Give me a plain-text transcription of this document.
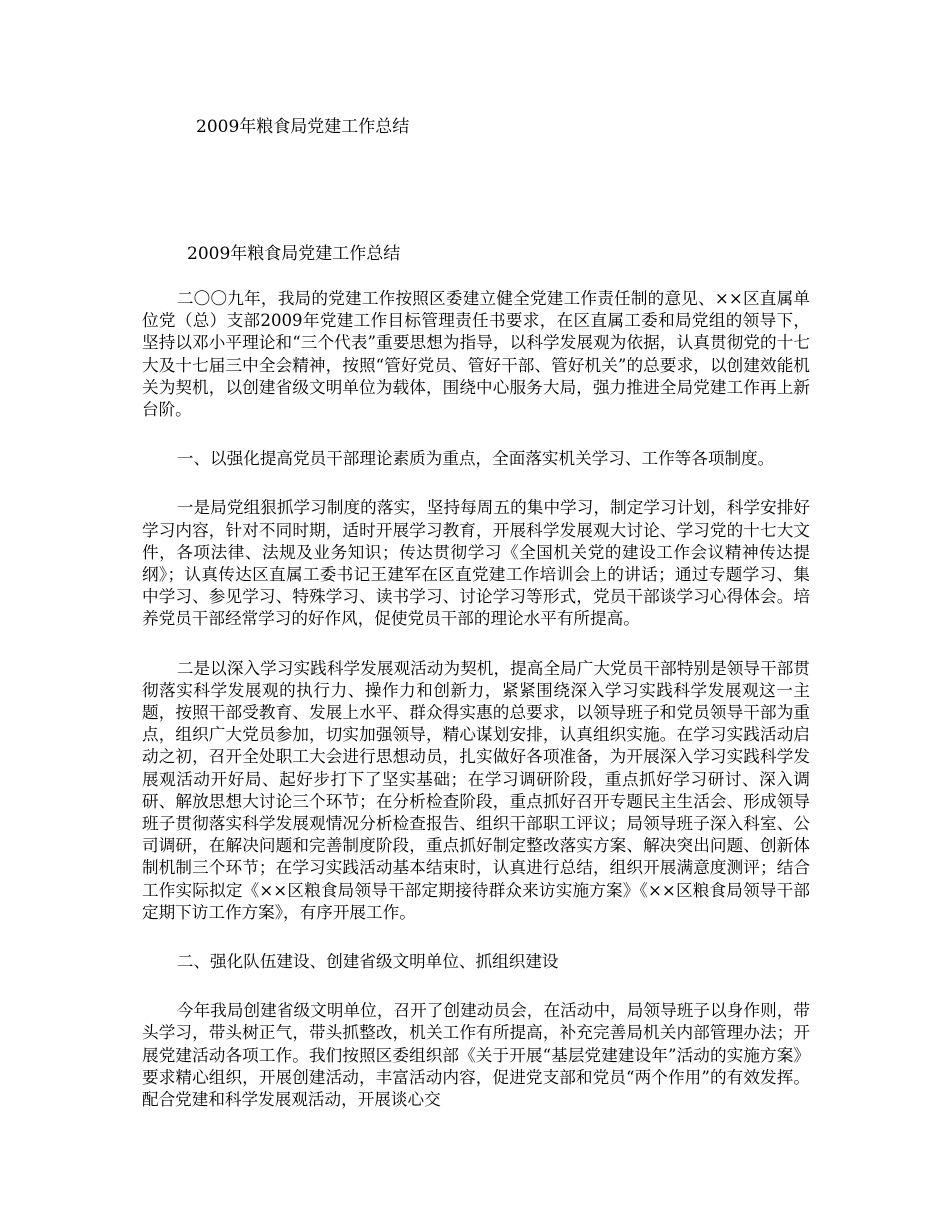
2009年粮食局党建工作总结
2009年粮食局党建工作总结

二〇〇九年，我局的党建工作按照区委建立健全党建工作责任制的意见、××区直属单位党（总）支部2009年党建工作目标管理责任书要求，在区直属工委和局党组的领导下，坚持以邓小平理论和“三个代表”重要思想为指导，以科学发展观为依据，认真贯彻党的十七大及十七届三中全会精神，按照“管好党员、管好干部、管好机关”的总要求，以创建效能机关为契机，以创建省级文明单位为载体，围绕中心服务大局，强力推进全局党建工作再上新台阶。

一、以强化提高党员干部理论素质为重点，全面落实机关学习、工作等各项制度。

一是局党组狠抓学习制度的落实，坚持每周五的集中学习，制定学习计划，科学安排好学习内容，针对不同时期，适时开展学习教育，开展科学发展观大讨论、学习党的十七大文件，各项法律、法规及业务知识；传达贯彻学习《全国机关党的建设工作会议精神传达提纲》；认真传达区直属工委书记王建军在区直党建工作培训会上的讲话；通过专题学习、集中学习、参见学习、特殊学习、读书学习、讨论学习等形式，党员干部谈学习心得体会。培养党员干部经常学习的好作风，促使党员干部的理论水平有所提高。

二是以深入学习实践科学发展观活动为契机，提高全局广大党员干部特别是领导干部贯彻落实科学发展观的执行力、操作力和创新力，紧紧围绕深入学习实践科学发展观这一主题，按照干部受教育、发展上水平、群众得实惠的总要求，以领导班子和党员领导干部为重点，组织广大党员参加，切实加强领导，精心谋划安排，认真组织实施。在学习实践活动启动之初，召开全处职工大会进行思想动员，扎实做好各项准备，为开展深入学习实践科学发展观活动开好局、起好步打下了坚实基础；在学习调研阶段，重点抓好学习研讨、深入调研、解放思想大讨论三个环节；在分析检查阶段，重点抓好召开专题民主生活会、形成领导班子贯彻落实科学发展观情况分析检查报告、组织干部职工评议；局领导班子深入科室、公司调研，在解决问题和完善制度阶段，重点抓好制定整改落实方案、解决突出问题、创新体制机制三个环节；在学习实践活动基本结束时，认真进行总结，组织开展满意度测评；结合工作实际拟定《××区粮食局领导干部定期接待群众来访实施方案》《××区粮食局领导干部定期下访工作方案》，有序开展工作。

二、强化队伍建设、创建省级文明单位、抓组织建设

今年我局创建省级文明单位，召开了创建动员会，在活动中，局领导班子以身作则，带头学习，带头树正气，带头抓整改，机关工作有所提高，补充完善局机关内部管理办法；开展党建活动各项工作。我们按照区委组织部《关于开展“基层党建建设年”活动的实施方案》要求精心组织，开展创建活动，丰富活动内容，促进党支部和党员“两个作用”的有效发挥。配合党建和科学发展观活动，开展谈心交
